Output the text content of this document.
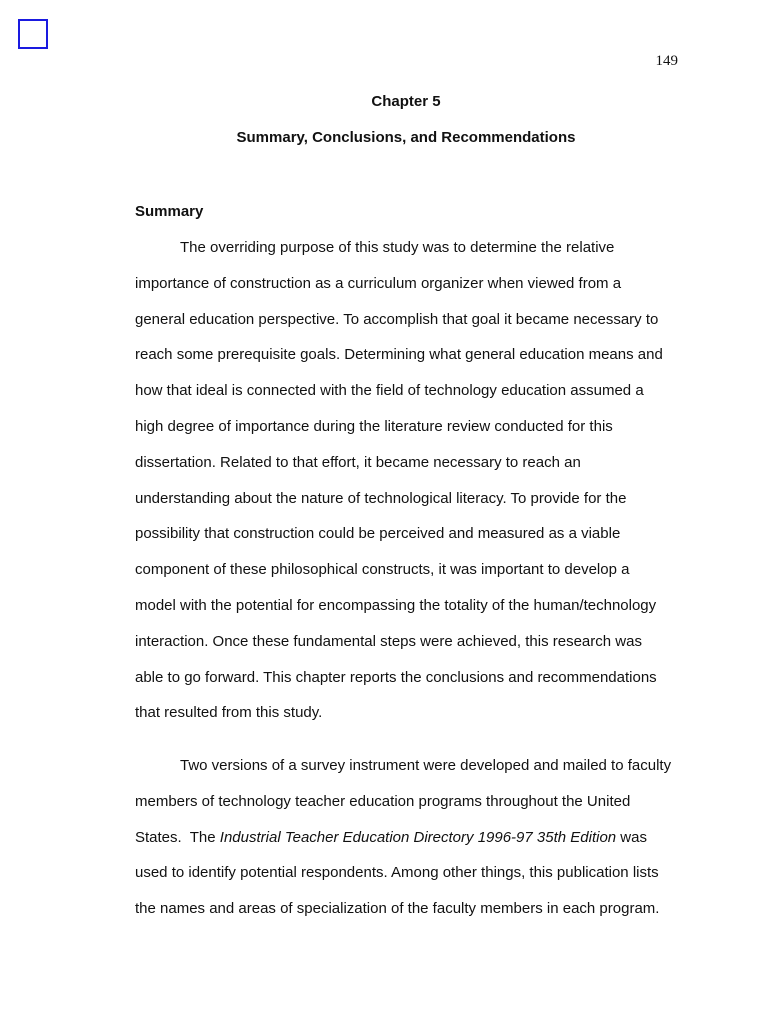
149
Chapter 5
Summary, Conclusions, and Recommendations
Summary
The overriding purpose of this study was to determine the relative
importance of construction as a curriculum organizer when viewed from a
general education perspective. To accomplish that goal it became necessary to
reach some prerequisite goals. Determining what general education means and
how that ideal is connected with the field of technology education assumed a
high degree of importance during the literature review conducted for this
dissertation. Related to that effort, it became necessary to reach an
understanding about the nature of technological literacy. To provide for the
possibility that construction could be perceived and measured as a viable
component of these philosophical constructs, it was important to develop a
model with the potential for encompassing the totality of the human/technology
interaction. Once these fundamental steps were achieved, this research was
able to go forward. This chapter reports the conclusions and recommendations
that resulted from this study.
Two versions of a survey instrument were developed and mailed to faculty
members of technology teacher education programs throughout the United
States.  The Industrial Teacher Education Directory 1996-97 35th Edition was
used to identify potential respondents. Among other things, this publication lists
the names and areas of specialization of the faculty members in each program.
